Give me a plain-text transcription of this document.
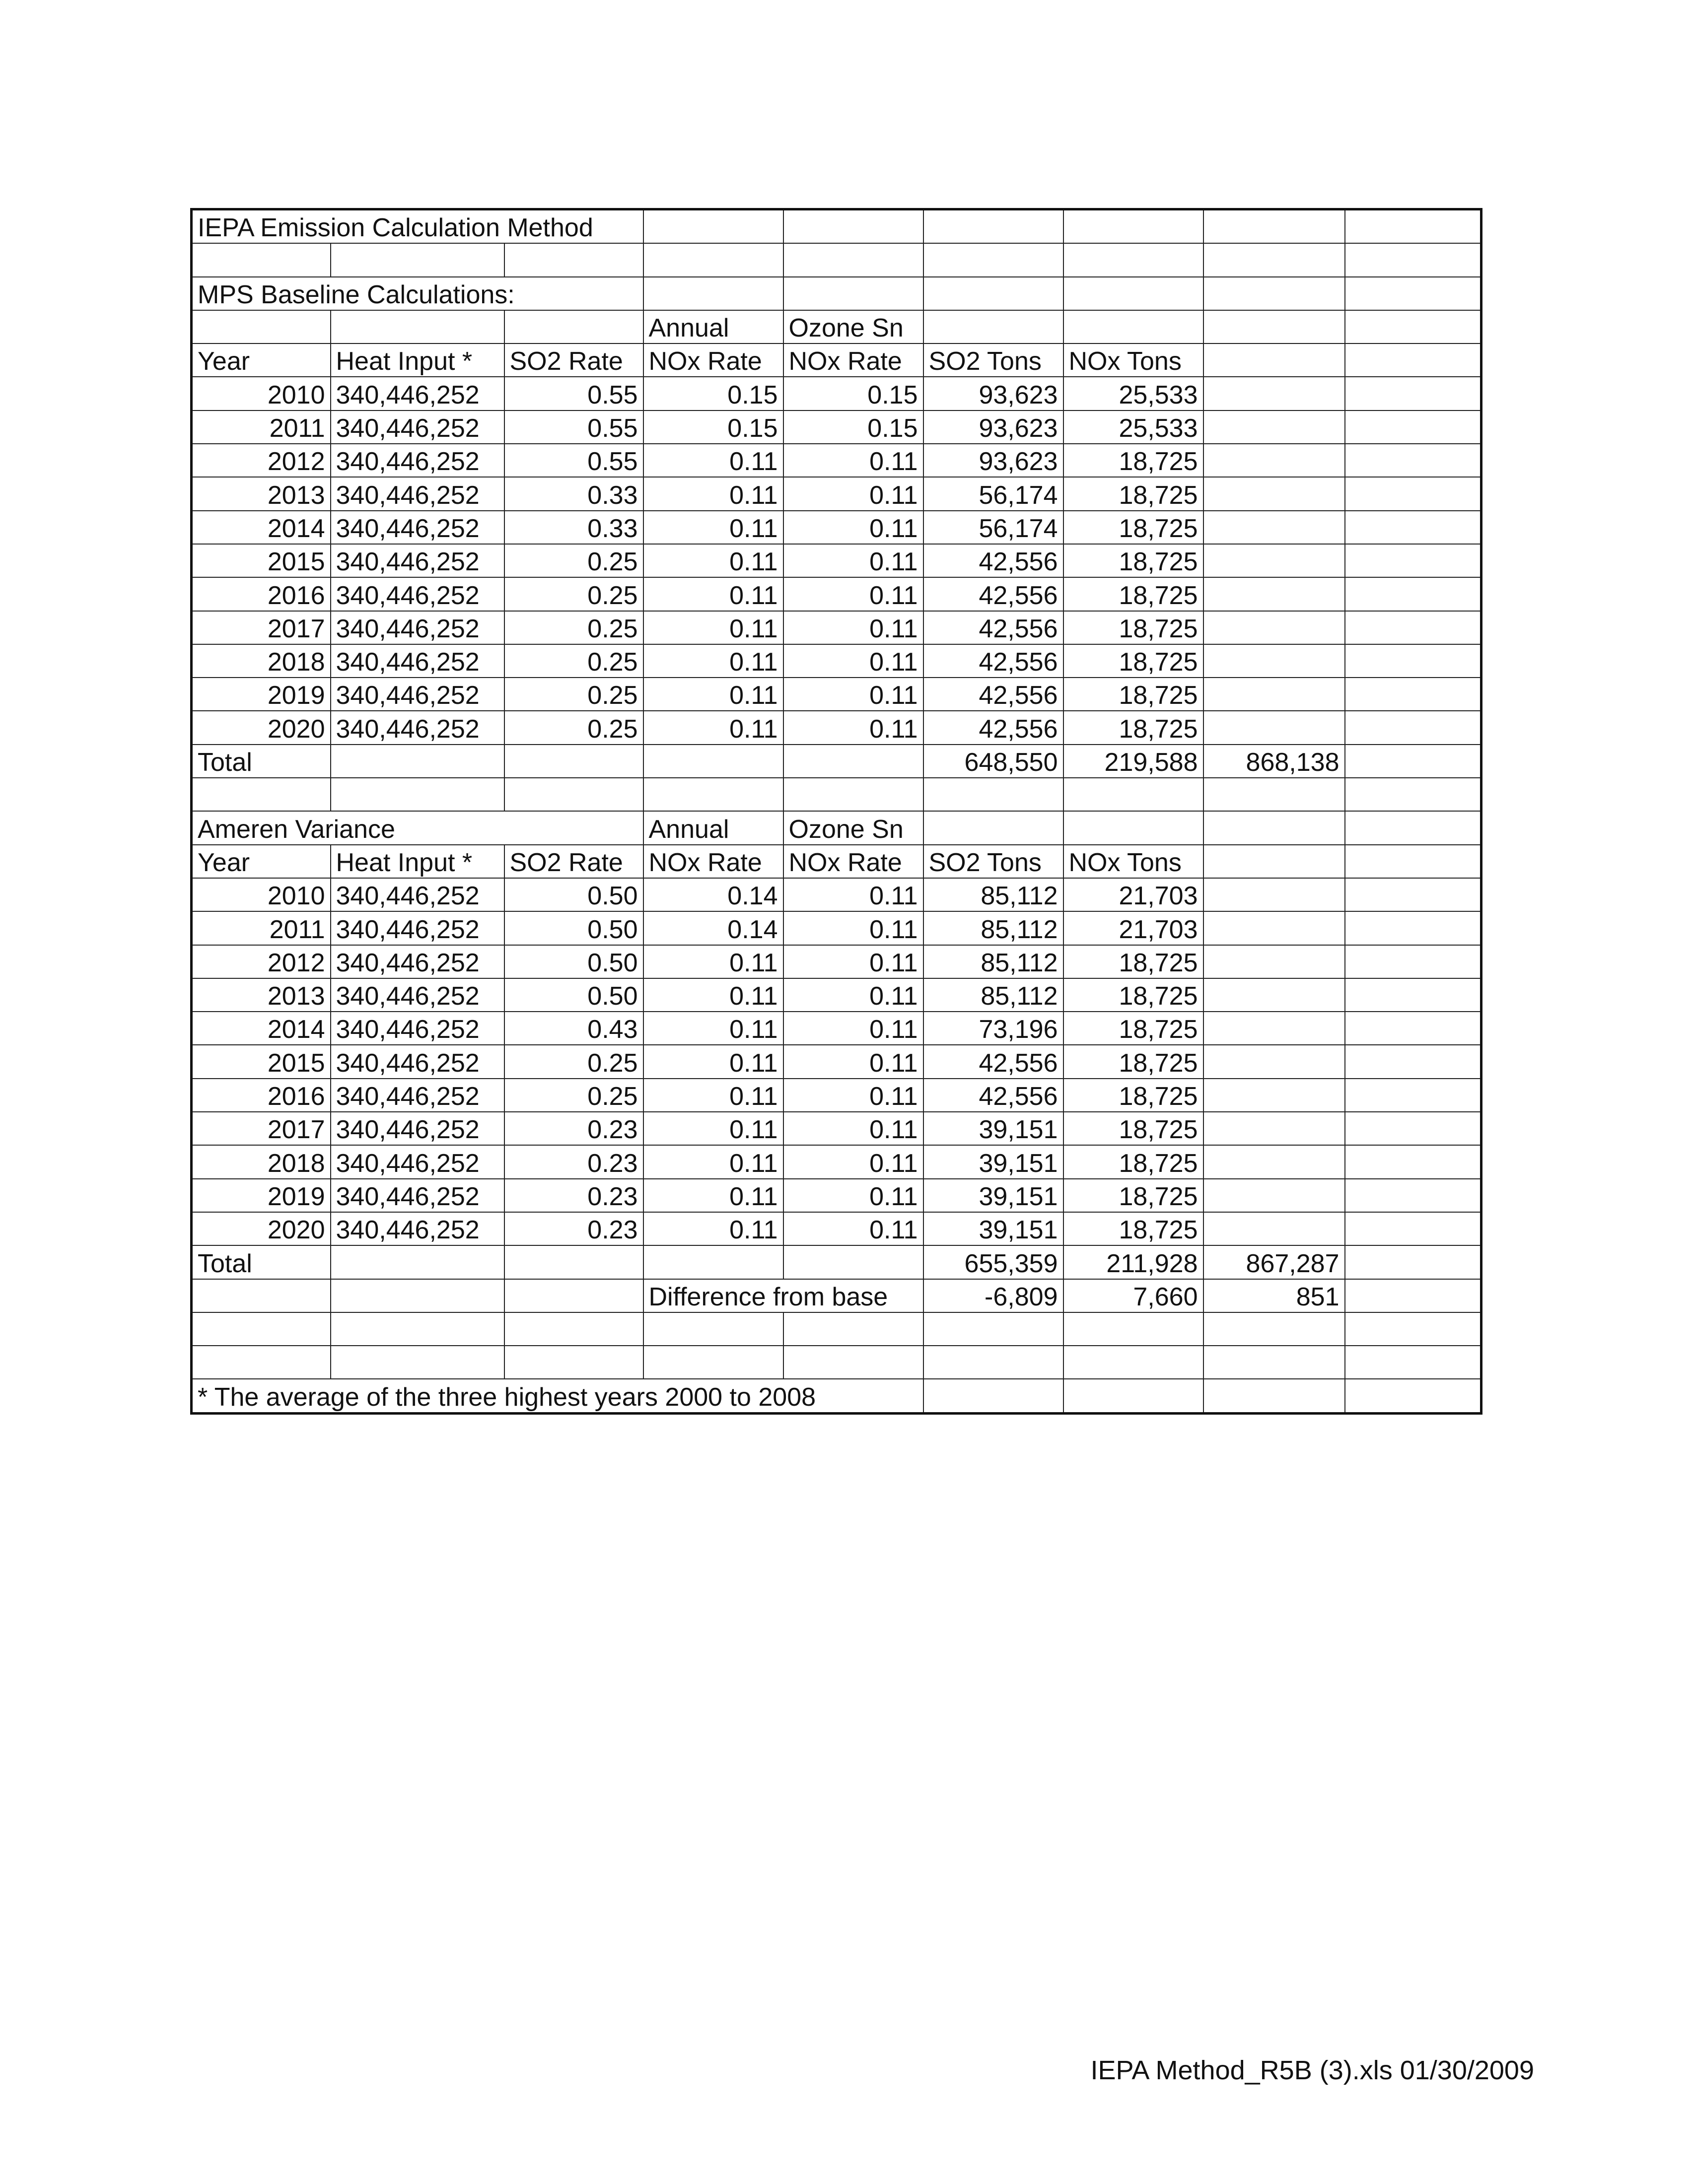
IEPA Emission Calculation Method								

MPS Baseline Calculations:								
			Annual	Ozone Sn				
Year	Heat Input *	SO2 Rate	NOx Rate	NOx Rate	SO2 Tons	NOx Tons		
2010	340,446,252	0.55	0.15	0.15	93,623	25,533		
2011	340,446,252	0.55	0.15	0.15	93,623	25,533		
2012	340,446,252	0.55	0.11	0.11	93,623	18,725		
2013	340,446,252	0.33	0.11	0.11	56,174	18,725		
2014	340,446,252	0.33	0.11	0.11	56,174	18,725		
2015	340,446,252	0.25	0.11	0.11	42,556	18,725		
2016	340,446,252	0.25	0.11	0.11	42,556	18,725		
2017	340,446,252	0.25	0.11	0.11	42,556	18,725		
2018	340,446,252	0.25	0.11	0.11	42,556	18,725		
2019	340,446,252	0.25	0.11	0.11	42,556	18,725		
2020	340,446,252	0.25	0.11	0.11	42,556	18,725		
Total					648,550	219,588	868,138	

Ameren Variance			Annual	Ozone Sn				
Year	Heat Input *	SO2 Rate	NOx Rate	NOx Rate	SO2 Tons	NOx Tons		
2010	340,446,252	0.50	0.14	0.11	85,112	21,703		
2011	340,446,252	0.50	0.14	0.11	85,112	21,703		
2012	340,446,252	0.50	0.11	0.11	85,112	18,725		
2013	340,446,252	0.50	0.11	0.11	85,112	18,725		
2014	340,446,252	0.43	0.11	0.11	73,196	18,725		
2015	340,446,252	0.25	0.11	0.11	42,556	18,725		
2016	340,446,252	0.25	0.11	0.11	42,556	18,725		
2017	340,446,252	0.23	0.11	0.11	39,151	18,725		
2018	340,446,252	0.23	0.11	0.11	39,151	18,725		
2019	340,446,252	0.23	0.11	0.11	39,151	18,725		
2020	340,446,252	0.23	0.11	0.11	39,151	18,725		
Total					655,359	211,928	867,287	
			Difference from base		-6,809	7,660	851	

* The average of the three highest years 2000 to 2008								
IEPA Method_R5B (3).xls 01/30/2009
